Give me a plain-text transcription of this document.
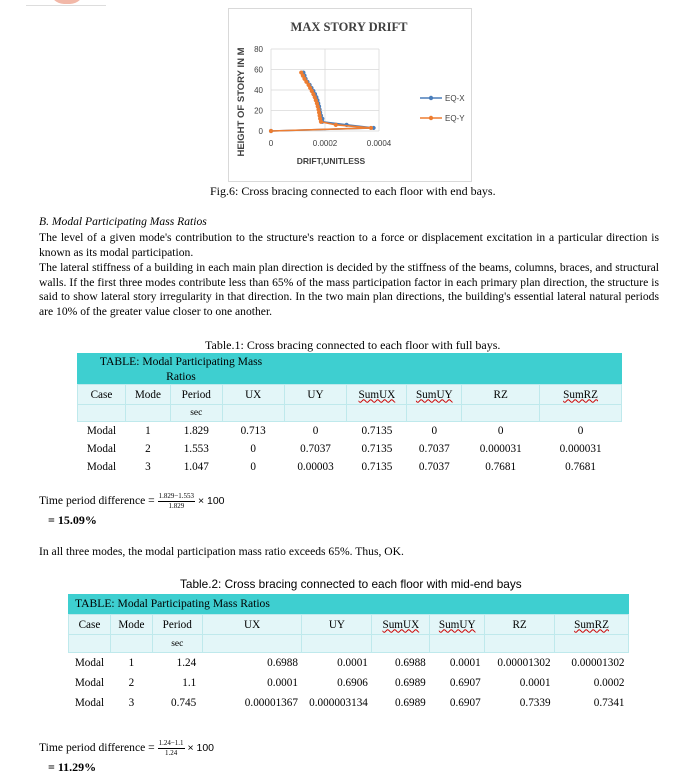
MAX STORY DRIFT
HEIGHT OF STORY IN M
DRIFT,UNITLESS
0
20
40
60
80
0	0.0002	0.0004
EQ-X
EQ-Y
Fig.6: Cross bracing connected to each floor with end bays.
B. Modal Participating Mass Ratios
The level of a given mode's contribution to the structure's reaction to a force or displacement excitation in a particular direction is known as its modal participation.
The lateral stiffness of a building in each main plan direction is decided by the stiffness of the beams, columns, braces, and structural walls. If the first three modes contribute less than 65% of the mass participation factor in each primary plan direction, the structure is said to show lateral story irregularity in that direction. In the two main plan directions, the building's essential lateral natural periods are 10% of the greater value closer to one another.
Table.1: Cross bracing connected to each floor with full bays.
TABLE: Modal Participating Mass
Ratios
Case	Mode	Period	UX	UY	SumUX	SumUY	RZ	SumRZ
		sec						
Modal	1	1.829	0.713	0	0.7135	0	0	0
Modal	2	1.553	0	0.7037	0.7135	0.7037	0.000031	0.000031
Modal	3	1.047	0	0.00003	0.7135	0.7037	0.7681	0.7681
Time period difference = $\frac{1.829-1.553}{1.829} \times 100$
= 15.09%
In all three modes, the modal participation mass ratio exceeds 65%. Thus, OK.
Table.2: Cross bracing connected to each floor with mid-end bays
TABLE: Modal Participating Mass Ratios
Case	Mode	Period	UX	UY	SumUX	SumUY	RZ	SumRZ
		sec						
Modal	1	1.24	0.6988	0.0001	0.6988	0.0001	0.00001302	0.00001302
Modal	2	1.1	0.0001	0.6906	0.6989	0.6907	0.0001	0.0002
Modal	3	0.745	0.00001367	0.000003134	0.6989	0.6907	0.7339	0.7341
Time period difference = $\frac{1.24-1.1}{1.24} \times 100$
= 11.29%
